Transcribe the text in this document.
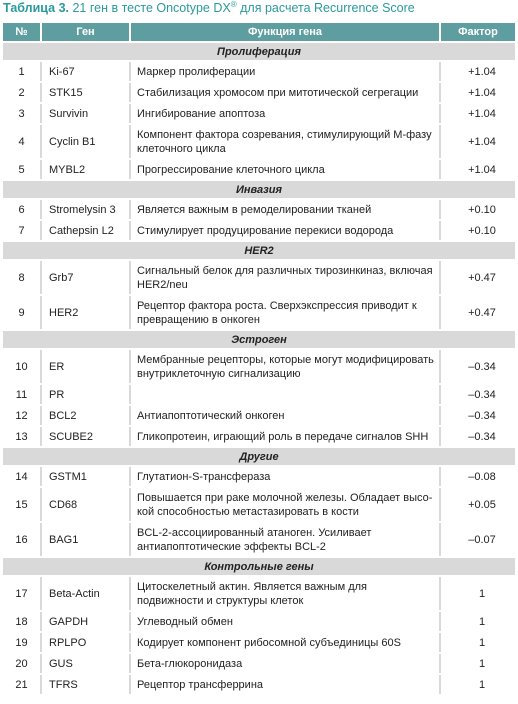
Таблица 3. 21 ген в тесте Oncotype DX® для расчета Recurrence Score
№	Ген	Функция гена	Фактор
Пролиферация			
1	Ki-67	Маркер пролиферации	+1.04
2	STK15	Стабилизация хромосом при митотической сегрегации	+1.04
3	Survivin	Ингибирование апоптоза	+1.04
4	Cyclin B1	Компонент фактора созревания, стимулирующий М-фазу клеточного цикла	+1.04
5	MYBL2	Прогрессирование клеточного цикла	+1.04
Инвазия			
6	Stromelysin 3	Является важным в ремоделировании тканей	+0.10
7	Cathepsin L2	Стимулирует продуцирование перекиси водорода	+0.10
HER2			
8	Grb7	Сигнальный белок для различных тирозинкиназ, включая HER2/neu	+0.47
9	HER2	Рецептор фактора роста. Сверхэкспрессия приводит к превращению в онкоген	+0.47
Эстроген			
10	ER	Мембранные рецепторы, которые могут модифицировать внутриклеточную сигнализацию	–0.34
11	PR		–0.34
12	BCL2	Антиапоптотический онкоген	–0.34
13	SCUBE2	Гликопротеин, играющий роль в передаче сигналов SHH	–0.34
Другие			
14	GSTM1	Глутатион-S-трансфераза	–0.08
15	CD68	Повышается при раке молочной железы. Обладает высокой способностью метастазировать в кости	+0.05
16	BAG1	BCL-2-ассоциированный атаноген. Усиливает антиапоптотические эффекты BCL-2	–0.07
Контрольные гены			
17	Beta-Actin	Цитоскелетный актин. Является важным для подвижности и структуры клеток	1
18	GAPDH	Углеводный обмен	1
19	RPLPO	Кодирует компонент рибосомной субъединицы 60S	1
20	GUS	Бета-глюкоронидаза	1
21	TFRS	Рецептор трансферрина	1
